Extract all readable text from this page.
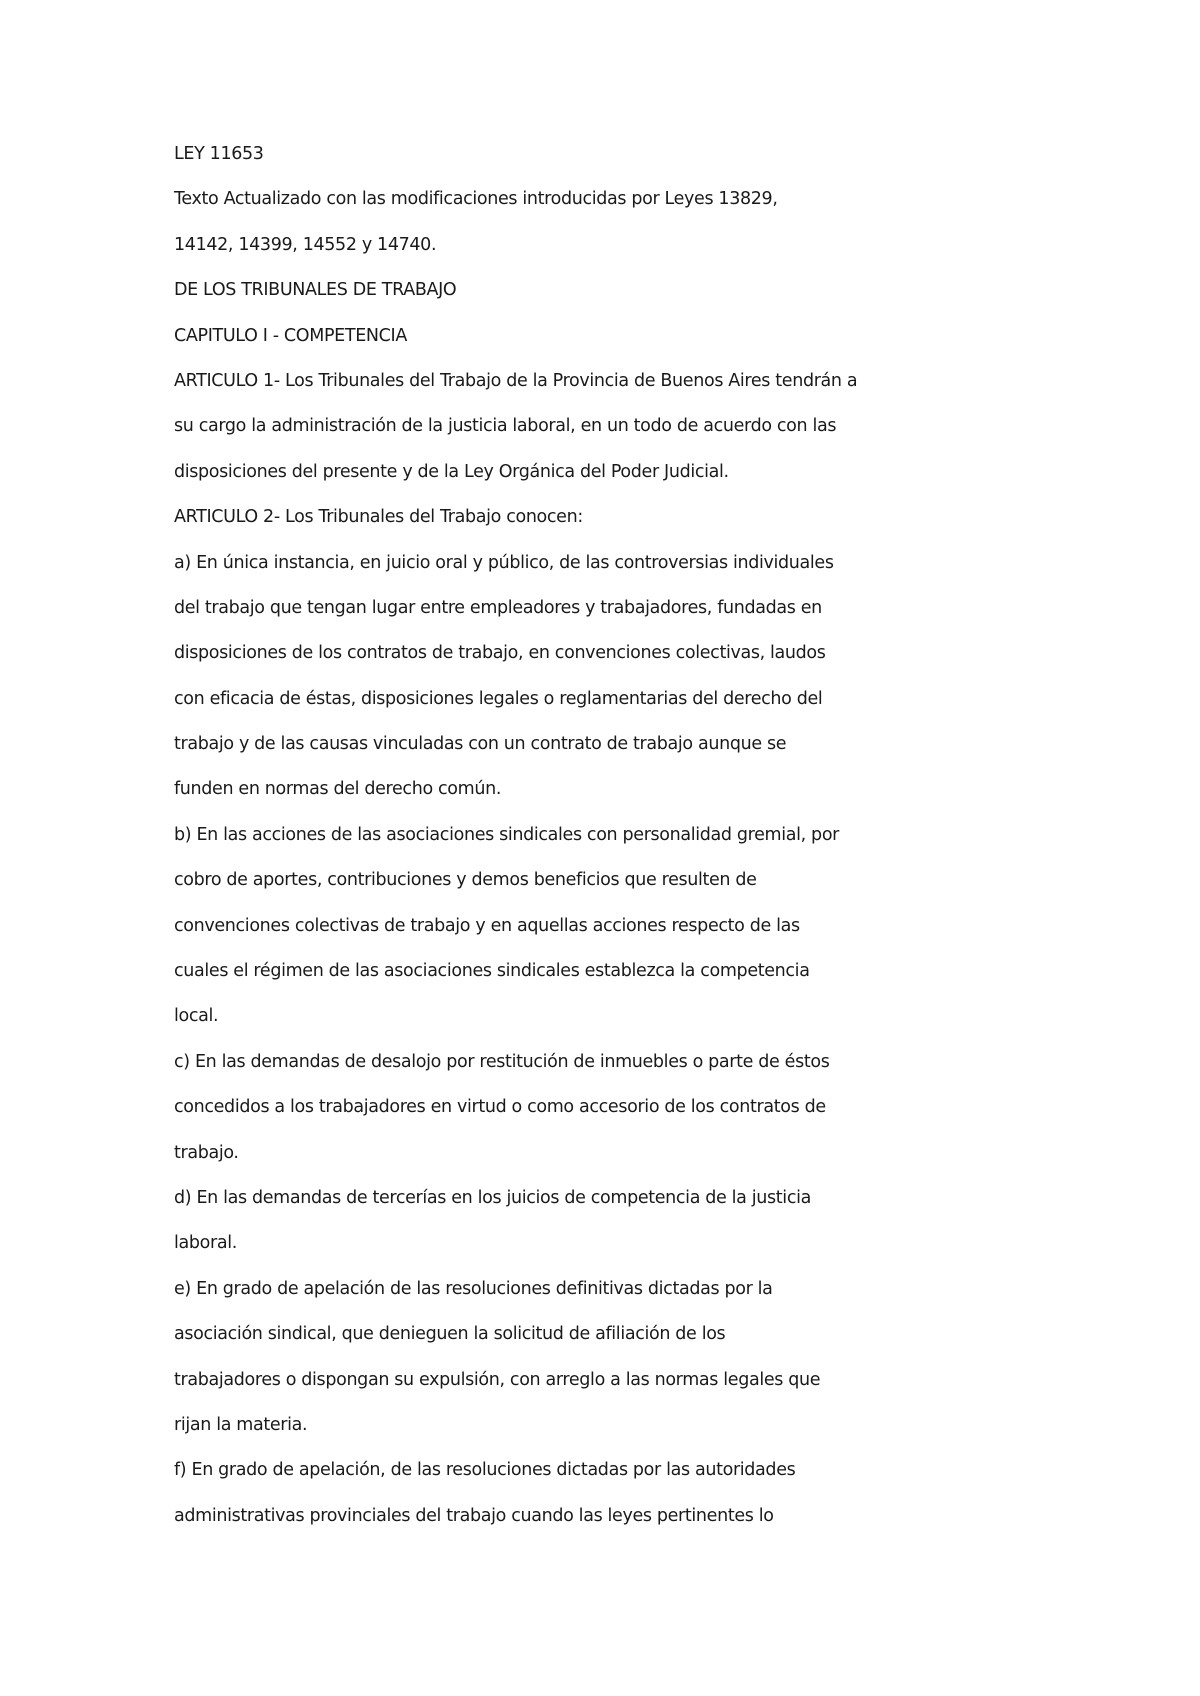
LEY 11653
Texto Actualizado con las modificaciones introducidas por Leyes 13829,
14142, 14399, 14552 y 14740.
DE LOS TRIBUNALES DE TRABAJO
CAPITULO I - COMPETENCIA
ARTICULO 1- Los Tribunales del Trabajo de la Provincia de Buenos Aires tendrán a
su cargo la administración de la justicia laboral, en un todo de acuerdo con las
disposiciones del presente y de la Ley Orgánica del Poder Judicial.
ARTICULO 2- Los Tribunales del Trabajo conocen:
a) En única instancia, en juicio oral y público, de las controversias individuales
del trabajo que tengan lugar entre empleadores y trabajadores, fundadas en
disposiciones de los contratos de trabajo, en convenciones colectivas, laudos
con eficacia de éstas, disposiciones legales o reglamentarias del derecho del
trabajo y de las causas vinculadas con un contrato de trabajo aunque se
funden en normas del derecho común.
b) En las acciones de las asociaciones sindicales con personalidad gremial, por
cobro de aportes, contribuciones y demos beneficios que resulten de
convenciones colectivas de trabajo y en aquellas acciones respecto de las
cuales el régimen de las asociaciones sindicales establezca la competencia
local.
c) En las demandas de desalojo por restitución de inmuebles o parte de éstos
concedidos a los trabajadores en virtud o como accesorio de los contratos de
trabajo.
d) En las demandas de tercerías en los juicios de competencia de la justicia
laboral.
e) En grado de apelación de las resoluciones definitivas dictadas por la
asociación sindical, que denieguen la solicitud de afiliación de los
trabajadores o dispongan su expulsión, con arreglo a las normas legales que
rijan la materia.
f) En grado de apelación, de las resoluciones dictadas por las autoridades
administrativas provinciales del trabajo cuando las leyes pertinentes lo
